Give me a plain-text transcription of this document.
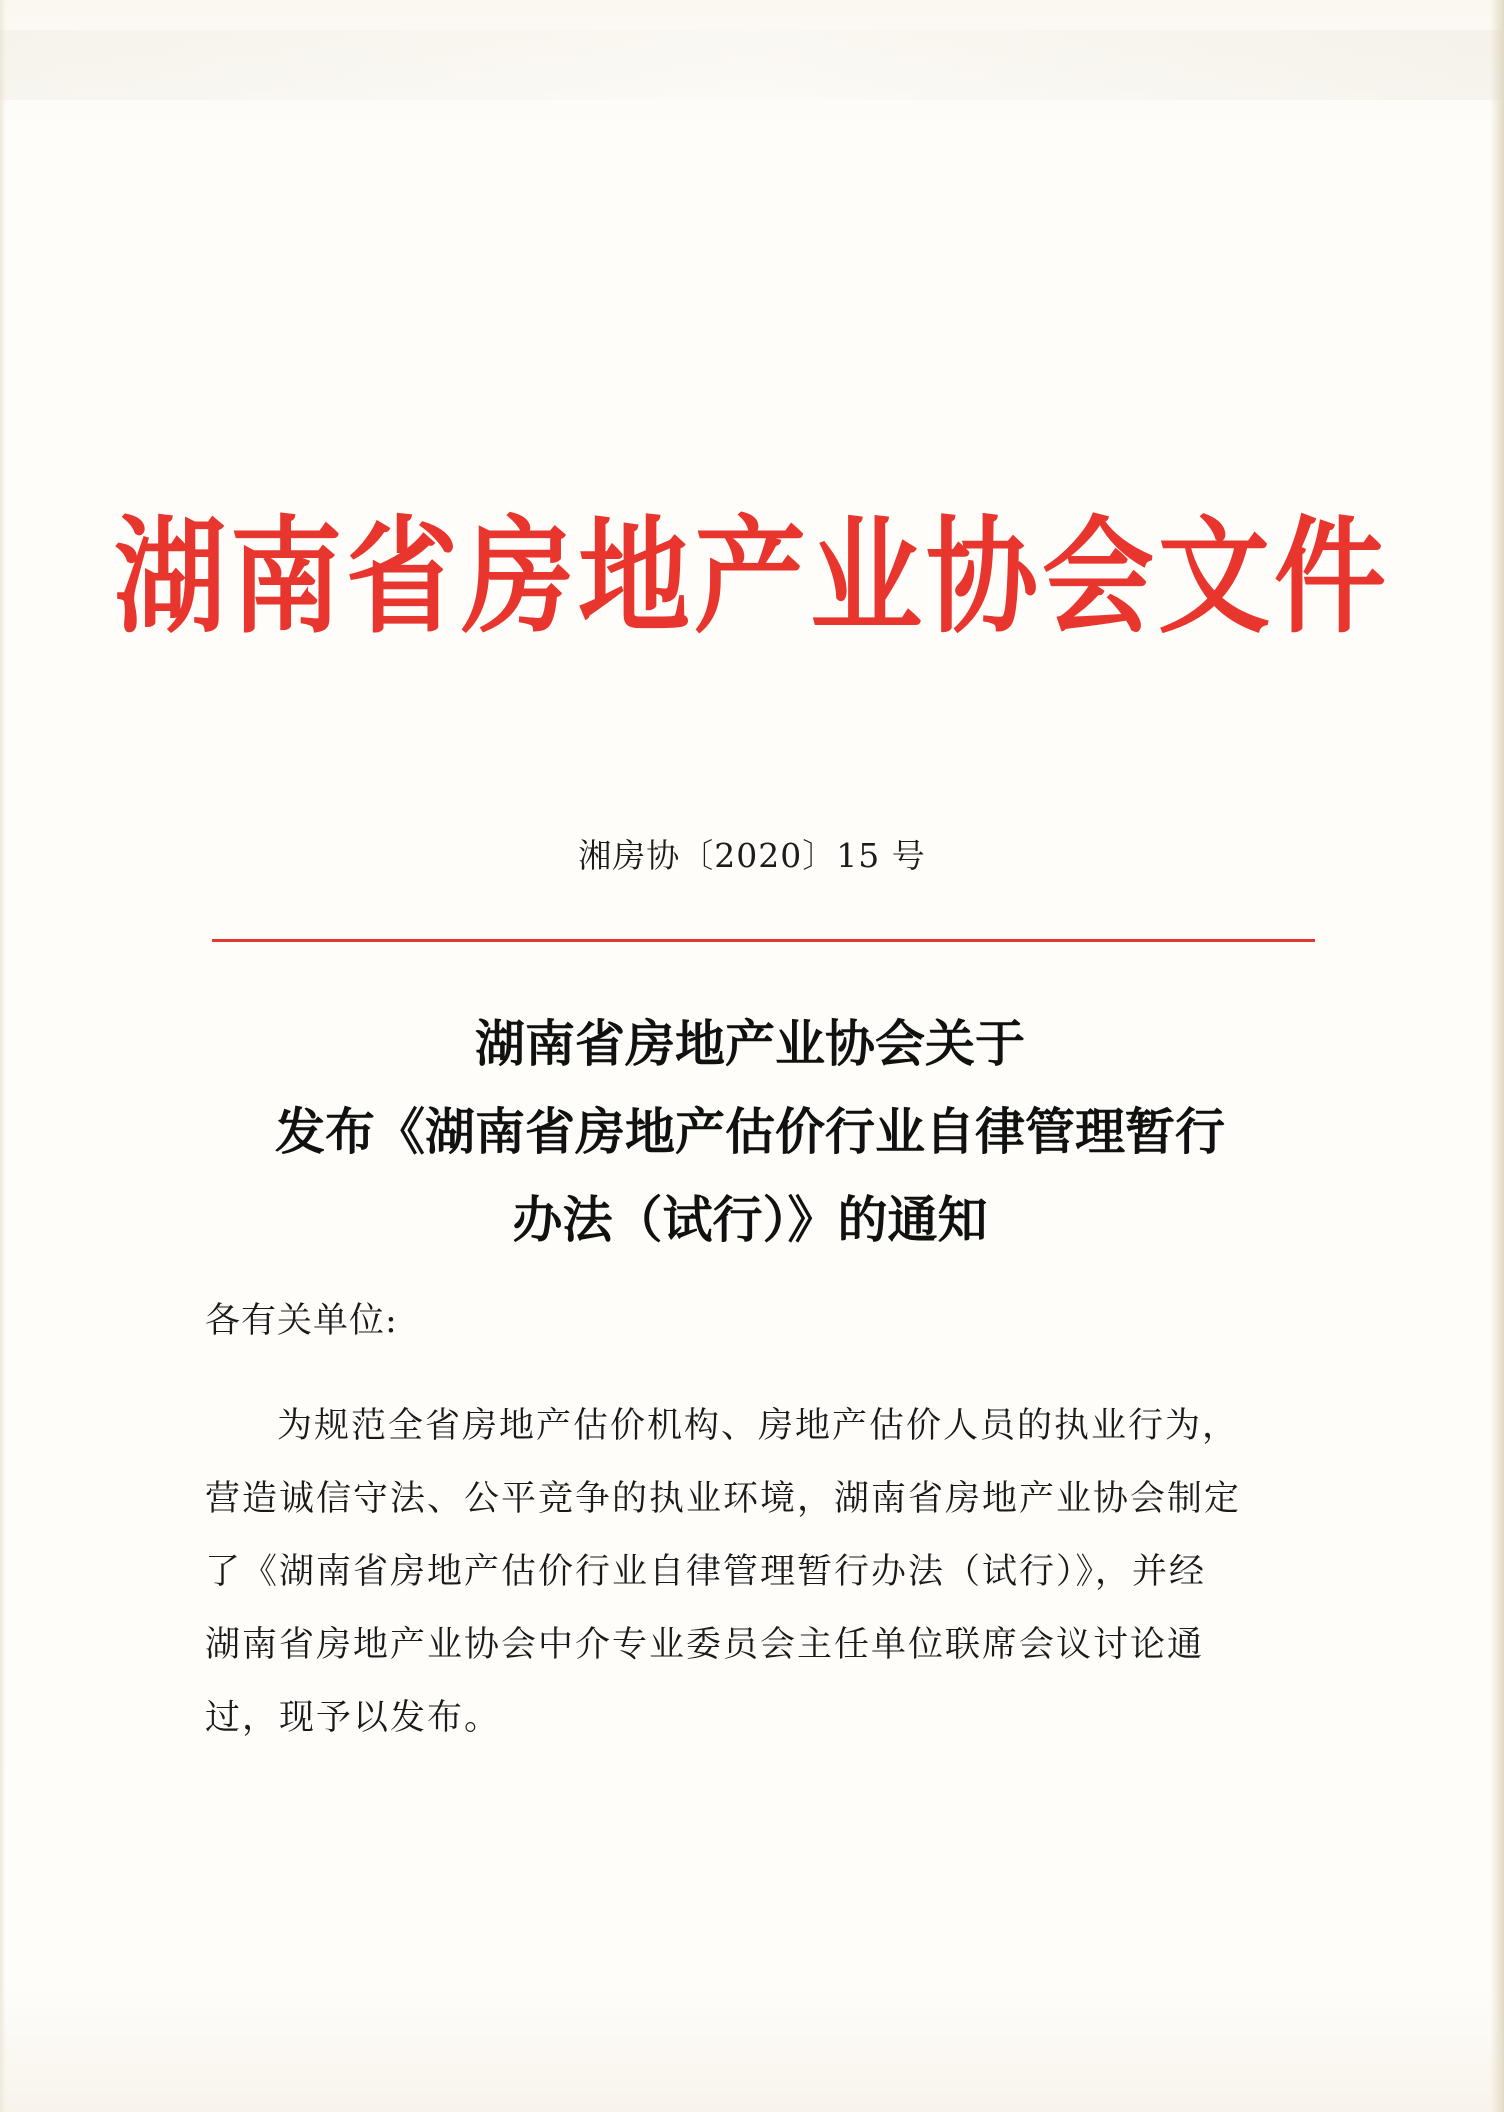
湖南省房地产业协会文件
湘房协〔2020〕15 号
湖南省房地产业协会关于
发布《湖南省房地产估价行业自律管理暂行
办法（试行）》的通知
各有关单位:
为规范全省房地产估价机构、房地产估价人员的执业行为，
营造诚信守法、公平竞争的执业环境，湖南省房地产业协会制定
了《湖南省房地产估价行业自律管理暂行办法（试行）》，并经
湖南省房地产业协会中介专业委员会主任单位联席会议讨论通
过，现予以发布。
